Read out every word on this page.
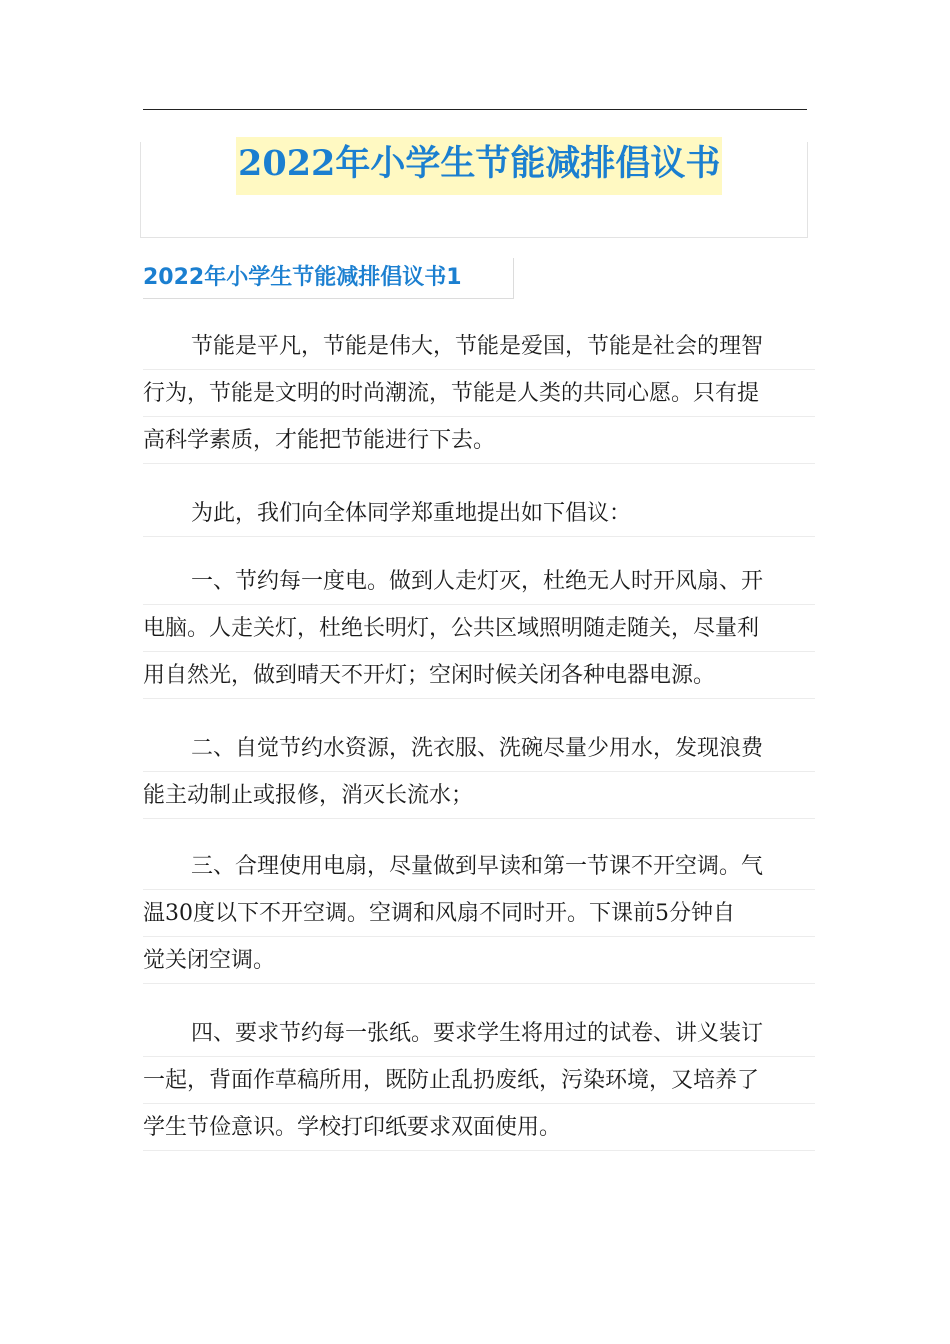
2022年小学生节能减排倡议书
2022年小学生节能减排倡议书1
节能是平凡，节能是伟大，节能是爱国，节能是社会的理智
行为，节能是文明的时尚潮流，节能是人类的共同心愿。只有提
高科学素质，才能把节能进行下去。
为此，我们向全体同学郑重地提出如下倡议：
一、节约每一度电。做到人走灯灭，杜绝无人时开风扇、开
电脑。人走关灯，杜绝长明灯，公共区域照明随走随关，尽量利
用自然光，做到晴天不开灯；空闲时候关闭各种电器电源。
二、自觉节约水资源，洗衣服、洗碗尽量少用水，发现浪费
能主动制止或报修，消灭长流水；
三、合理使用电扇，尽量做到早读和第一节课不开空调。气
温30度以下不开空调。空调和风扇不同时开。下课前5分钟自
觉关闭空调。
四、要求节约每一张纸。要求学生将用过的试卷、讲义装订
一起，背面作草稿所用，既防止乱扔废纸，污染环境，又培养了
学生节俭意识。学校打印纸要求双面使用。
